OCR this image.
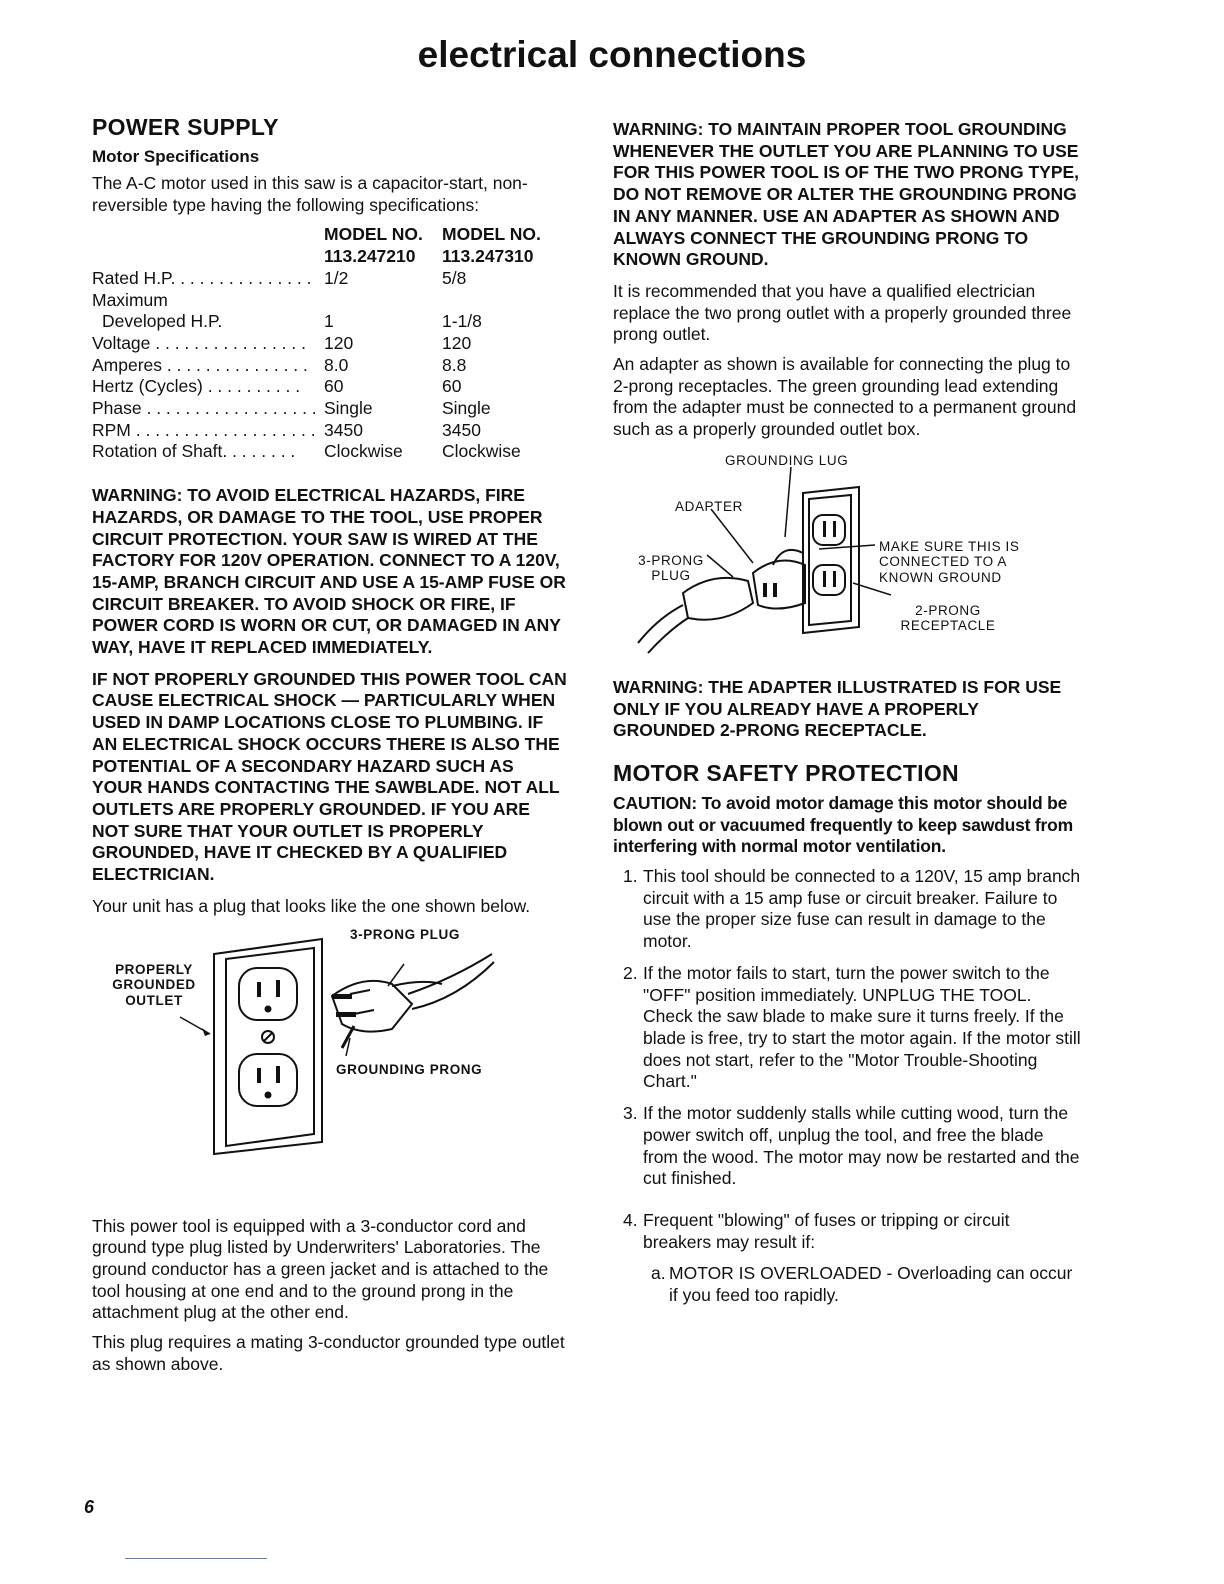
electrical connections
POWER SUPPLY
Motor Specifications

The A-C motor used in this saw is a capacitor-start, non-reversible type having the following specifications:

MODEL NO.	MODEL NO.
113.247210	113.247310
Rated H.P. . . . . . . . . . . . . . . 1/2	5/8
Maximum
Developed H.P.	1	1-1/8
Voltage . . . . . . . . . . . . . . . .	120	120
Amperes . . . . . . . . . . . . . . . 8.0	8.8
Hertz (Cycles) . . . . . . . . . .	60	60
Phase . . . . . . . . . . . . . . . . . . Single	Single
RPM . . . . . . . . . . . . . . . . . . . 3450	3450
Rotation of Shaft. . . . . . . .	Clockwise	Clockwise
WARNING: TO AVOID ELECTRICAL HAZARDS, FIRE HAZARDS, OR DAMAGE TO THE TOOL, USE PROPER CIRCUIT PROTECTION. YOUR SAW IS WIRED AT THE FACTORY FOR 120V OPERATION. CONNECT TO A 120V, 15-AMP, BRANCH CIRCUIT AND USE A 15-AMP FUSE OR CIRCUIT BREAKER. TO AVOID SHOCK OR FIRE, IF POWER CORD IS WORN OR CUT, OR DAMAGED IN ANY WAY, HAVE IT REPLACED IMMEDIATELY.
IF NOT PROPERLY GROUNDED THIS POWER TOOL CAN CAUSE ELECTRICAL SHOCK — PARTICULARLY WHEN USED IN DAMP LOCATIONS CLOSE TO PLUMBING. IF AN ELECTRICAL SHOCK OCCURS THERE IS ALSO THE POTENTIAL OF A SECONDARY HAZARD SUCH AS YOUR HANDS CONTACTING THE SAWBLADE. NOT ALL OUTLETS ARE PROPERLY GROUNDED. IF YOU ARE NOT SURE THAT YOUR OUTLET IS PROPERLY GROUNDED, HAVE IT CHECKED BY A QUALIFIED ELECTRICIAN.

Your unit has a plug that looks like the one shown below.

PROPERLY GROUNDED OUTLET
3-PRONG PLUG
GROUNDING PRONG

This power tool is equipped with a 3-conductor cord and ground type plug listed by Underwriters' Laboratories. The ground conductor has a green jacket and is attached to the tool housing at one end and to the ground prong in the attachment plug at the other end.

This plug requires a mating 3-conductor grounded type outlet as shown above.

WARNING: TO MAINTAIN PROPER TOOL GROUNDING WHENEVER THE OUTLET YOU ARE PLANNING TO USE FOR THIS POWER TOOL IS OF THE TWO PRONG TYPE, DO NOT REMOVE OR ALTER THE GROUNDING PRONG IN ANY MANNER. USE AN ADAPTER AS SHOWN AND ALWAYS CONNECT THE GROUNDING PRONG TO KNOWN GROUND.

It is recommended that you have a qualified electrician replace the two prong outlet with a properly grounded three prong outlet.

An adapter as shown is available for connecting the plug to 2-prong receptacles. The green grounding lead extending from the adapter must be connected to a permanent ground such as a properly grounded outlet box.

GROUNDING LUG
ADAPTER
3-PRONG PLUG
MAKE SURE THIS IS CONNECTED TO A KNOWN GROUND
2-PRONG RECEPTACLE
WARNING: THE ADAPTER ILLUSTRATED IS FOR USE ONLY IF YOU ALREADY HAVE A PROPERLY GROUNDED 2-PRONG RECEPTACLE.
MOTOR SAFETY PROTECTION
CAUTION: To avoid motor damage this motor should be blown out or vacuumed frequently to keep sawdust from interfering with normal motor ventilation.
1. This tool should be connected to a 120V, 15 amp branch circuit with a 15 amp fuse or circuit breaker. Failure to use the proper size fuse can result in damage to the motor.
2. If the motor fails to start, turn the power switch to the "OFF" position immediately. UNPLUG THE TOOL. Check the saw blade to make sure it turns freely. If the blade is free, try to start the motor again. If the motor still does not start, refer to the "Motor Trouble-Shooting Chart."
3. If the motor suddenly stalls while cutting wood, turn the power switch off, unplug the tool, and free the blade from the wood. The motor may now be restarted and the cut finished.
4. Frequent "blowing" of fuses or tripping or circuit breakers may result if:
a. MOTOR IS OVERLOADED - Overloading can occur if you feed too rapidly.
6
